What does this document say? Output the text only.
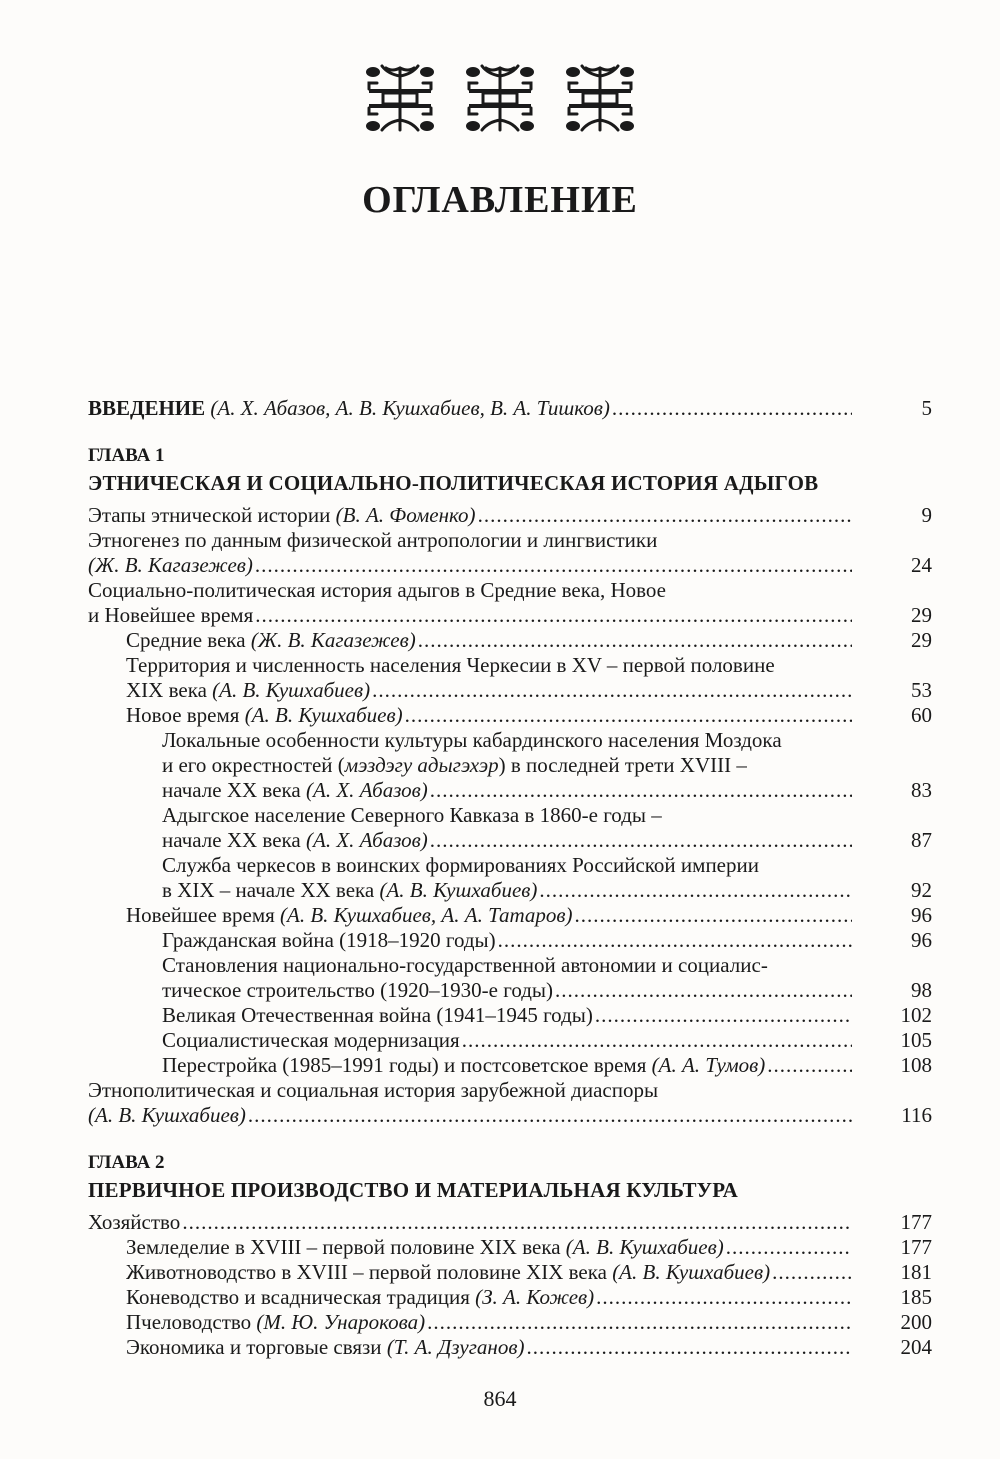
ОГЛАВЛЕНИЕ
ВВЕДЕНИЕ (А. Х. Абазов, А. В. Кушхабиев, В. А. Тишков) .....	5
ГЛАВА 1
ЭТНИЧЕСКАЯ И СОЦИАЛЬНО-ПОЛИТИЧЕСКАЯ ИСТОРИЯ АДЫГОВ
Этапы этнической истории (В. А. Фоменко) .....	9
Этногенез по данным физической антропологии и лингвистики
(Ж. В. Кагазежев) .....	24
Социально-политическая история адыгов в Средние века, Новое
и Новейшее время .....	29
Средние века (Ж. В. Кагазежев) .....	29
Территория и численность населения Черкесии в XV – первой половине
XIX века (А. В. Кушхабиев) .....	53
Новое время (А. В. Кушхабиев) .....	60
Локальные особенности культуры кабардинского населения Моздока
и его окрестностей (мэздэгу адыгэхэр) в последней трети XVIII –
начале XX века (А. Х. Абазов) .....	83
Адыгское население Северного Кавказа в 1860-е годы –
начале XX века (А. Х. Абазов) .....	87
Служба черкесов в воинских формированиях Российской империи
в XIX – начале XX века (А. В. Кушхабиев) .....	92
Новейшее время (А. В. Кушхабиев, А. А. Татаров) .....	96
Гражданская война (1918–1920 годы) .....	96
Становления национально-государственной автономии и социалис-
тическое строительство (1920–1930-е годы) .....	98
Великая Отечественная война (1941–1945 годы) .....	102
Социалистическая модернизация .....	105
Перестройка (1985–1991 годы) и постсоветское время (А. А. Тумов) .....	108
Этнополитическая и социальная история зарубежной диаспоры
(А. В. Кушхабиев) .....	116
ГЛАВА 2
ПЕРВИЧНОЕ ПРОИЗВОДСТВО И МАТЕРИАЛЬНАЯ КУЛЬТУРА
Хозяйство .....	177
Земледелие в XVIII – первой половине XIX века (А. В. Кушхабиев) .....	177
Животноводство в XVIII – первой половине XIX века (А. В. Кушхабиев) .....	181
Коневодство и всадническая традиция (З. А. Кожев) .....	185
Пчеловодство (М. Ю. Унарокова) .....	200
Экономика и торговые связи (Т. А. Дзуганов) .....	204
864
